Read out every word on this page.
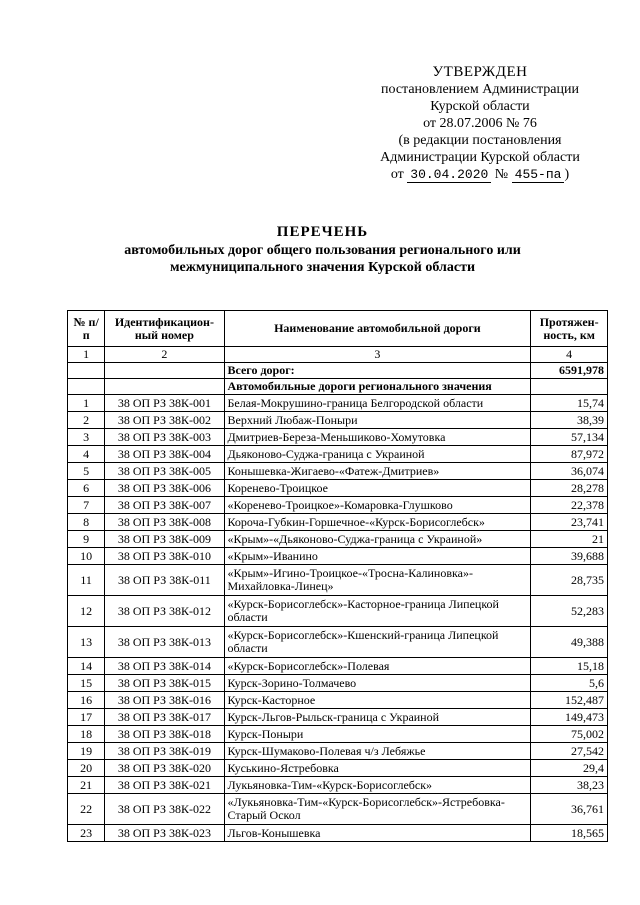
УТВЕРЖДЕН
постановлением Администрации
Курской области
от 28.07.2006 № 76
(в редакции постановления
Администрации Курской области
от 30.04.2020 № 455-па )
ПЕРЕЧЕНЬ
автомобильных дорог общего пользования регионального или
межмуниципального значения Курской области
№ п/п	Идентификацион-ный номер	Наименование автомобильной дороги	Протяжен-ность, км
1	2	3	4
		Всего дорог:	6591,978
		Автомобильные дороги регионального значения	
1	38 ОП РЗ 38К-001	Белая-Мокрушино-граница Белгородской области	15,74
2	38 ОП РЗ 38К-002	Верхний Любаж-Поныри	38,39
3	38 ОП РЗ 38К-003	Дмитриев-Береза-Меньшиково-Хомутовка	57,134
4	38 ОП РЗ 38К-004	Дьяконово-Суджа-граница с Украиной	87,972
5	38 ОП РЗ 38К-005	Конышевка-Жигаево-«Фатеж-Дмитриев»	36,074
6	38 ОП РЗ 38К-006	Коренево-Троицкое	28,278
7	38 ОП РЗ 38К-007	«Коренево-Троицкое»-Комаровка-Глушково	22,378
8	38 ОП РЗ 38К-008	Короча-Губкин-Горшечное-«Курск-Борисоглебск»	23,741
9	38 ОП РЗ 38К-009	«Крым»-«Дьяконово-Суджа-граница с Украиной»	21
10	38 ОП РЗ 38К-010	«Крым»-Иванино	39,688
11	38 ОП РЗ 38К-011	«Крым»-Игино-Троицкое-«Тросна-Калиновка»-Михайловка-Линец»	28,735
12	38 ОП РЗ 38К-012	«Курск-Борисоглебск»-Касторное-граница Липецкой области	52,283
13	38 ОП РЗ 38К-013	«Курск-Борисоглебск»-Кшенский-граница Липецкой области	49,388
14	38 ОП РЗ 38К-014	«Курск-Борисоглебск»-Полевая	15,18
15	38 ОП РЗ 38К-015	Курск-Зорино-Толмачево	5,6
16	38 ОП РЗ 38К-016	Курск-Касторное	152,487
17	38 ОП РЗ 38К-017	Курск-Льгов-Рыльск-граница с Украиной	149,473
18	38 ОП РЗ 38К-018	Курск-Поныри	75,002
19	38 ОП РЗ 38К-019	Курск-Шумаково-Полевая ч/з Лебяжье	27,542
20	38 ОП РЗ 38К-020	Куськино-Ястребовка	29,4
21	38 ОП РЗ 38К-021	Лукьяновка-Тим-«Курск-Борисоглебск»	38,23
22	38 ОП РЗ 38К-022	«Лукьяновка-Тим-«Курск-Борисоглебск»-Ястребовка-Старый Оскол	36,761
23	38 ОП РЗ 38К-023	Льгов-Конышевка	18,565
